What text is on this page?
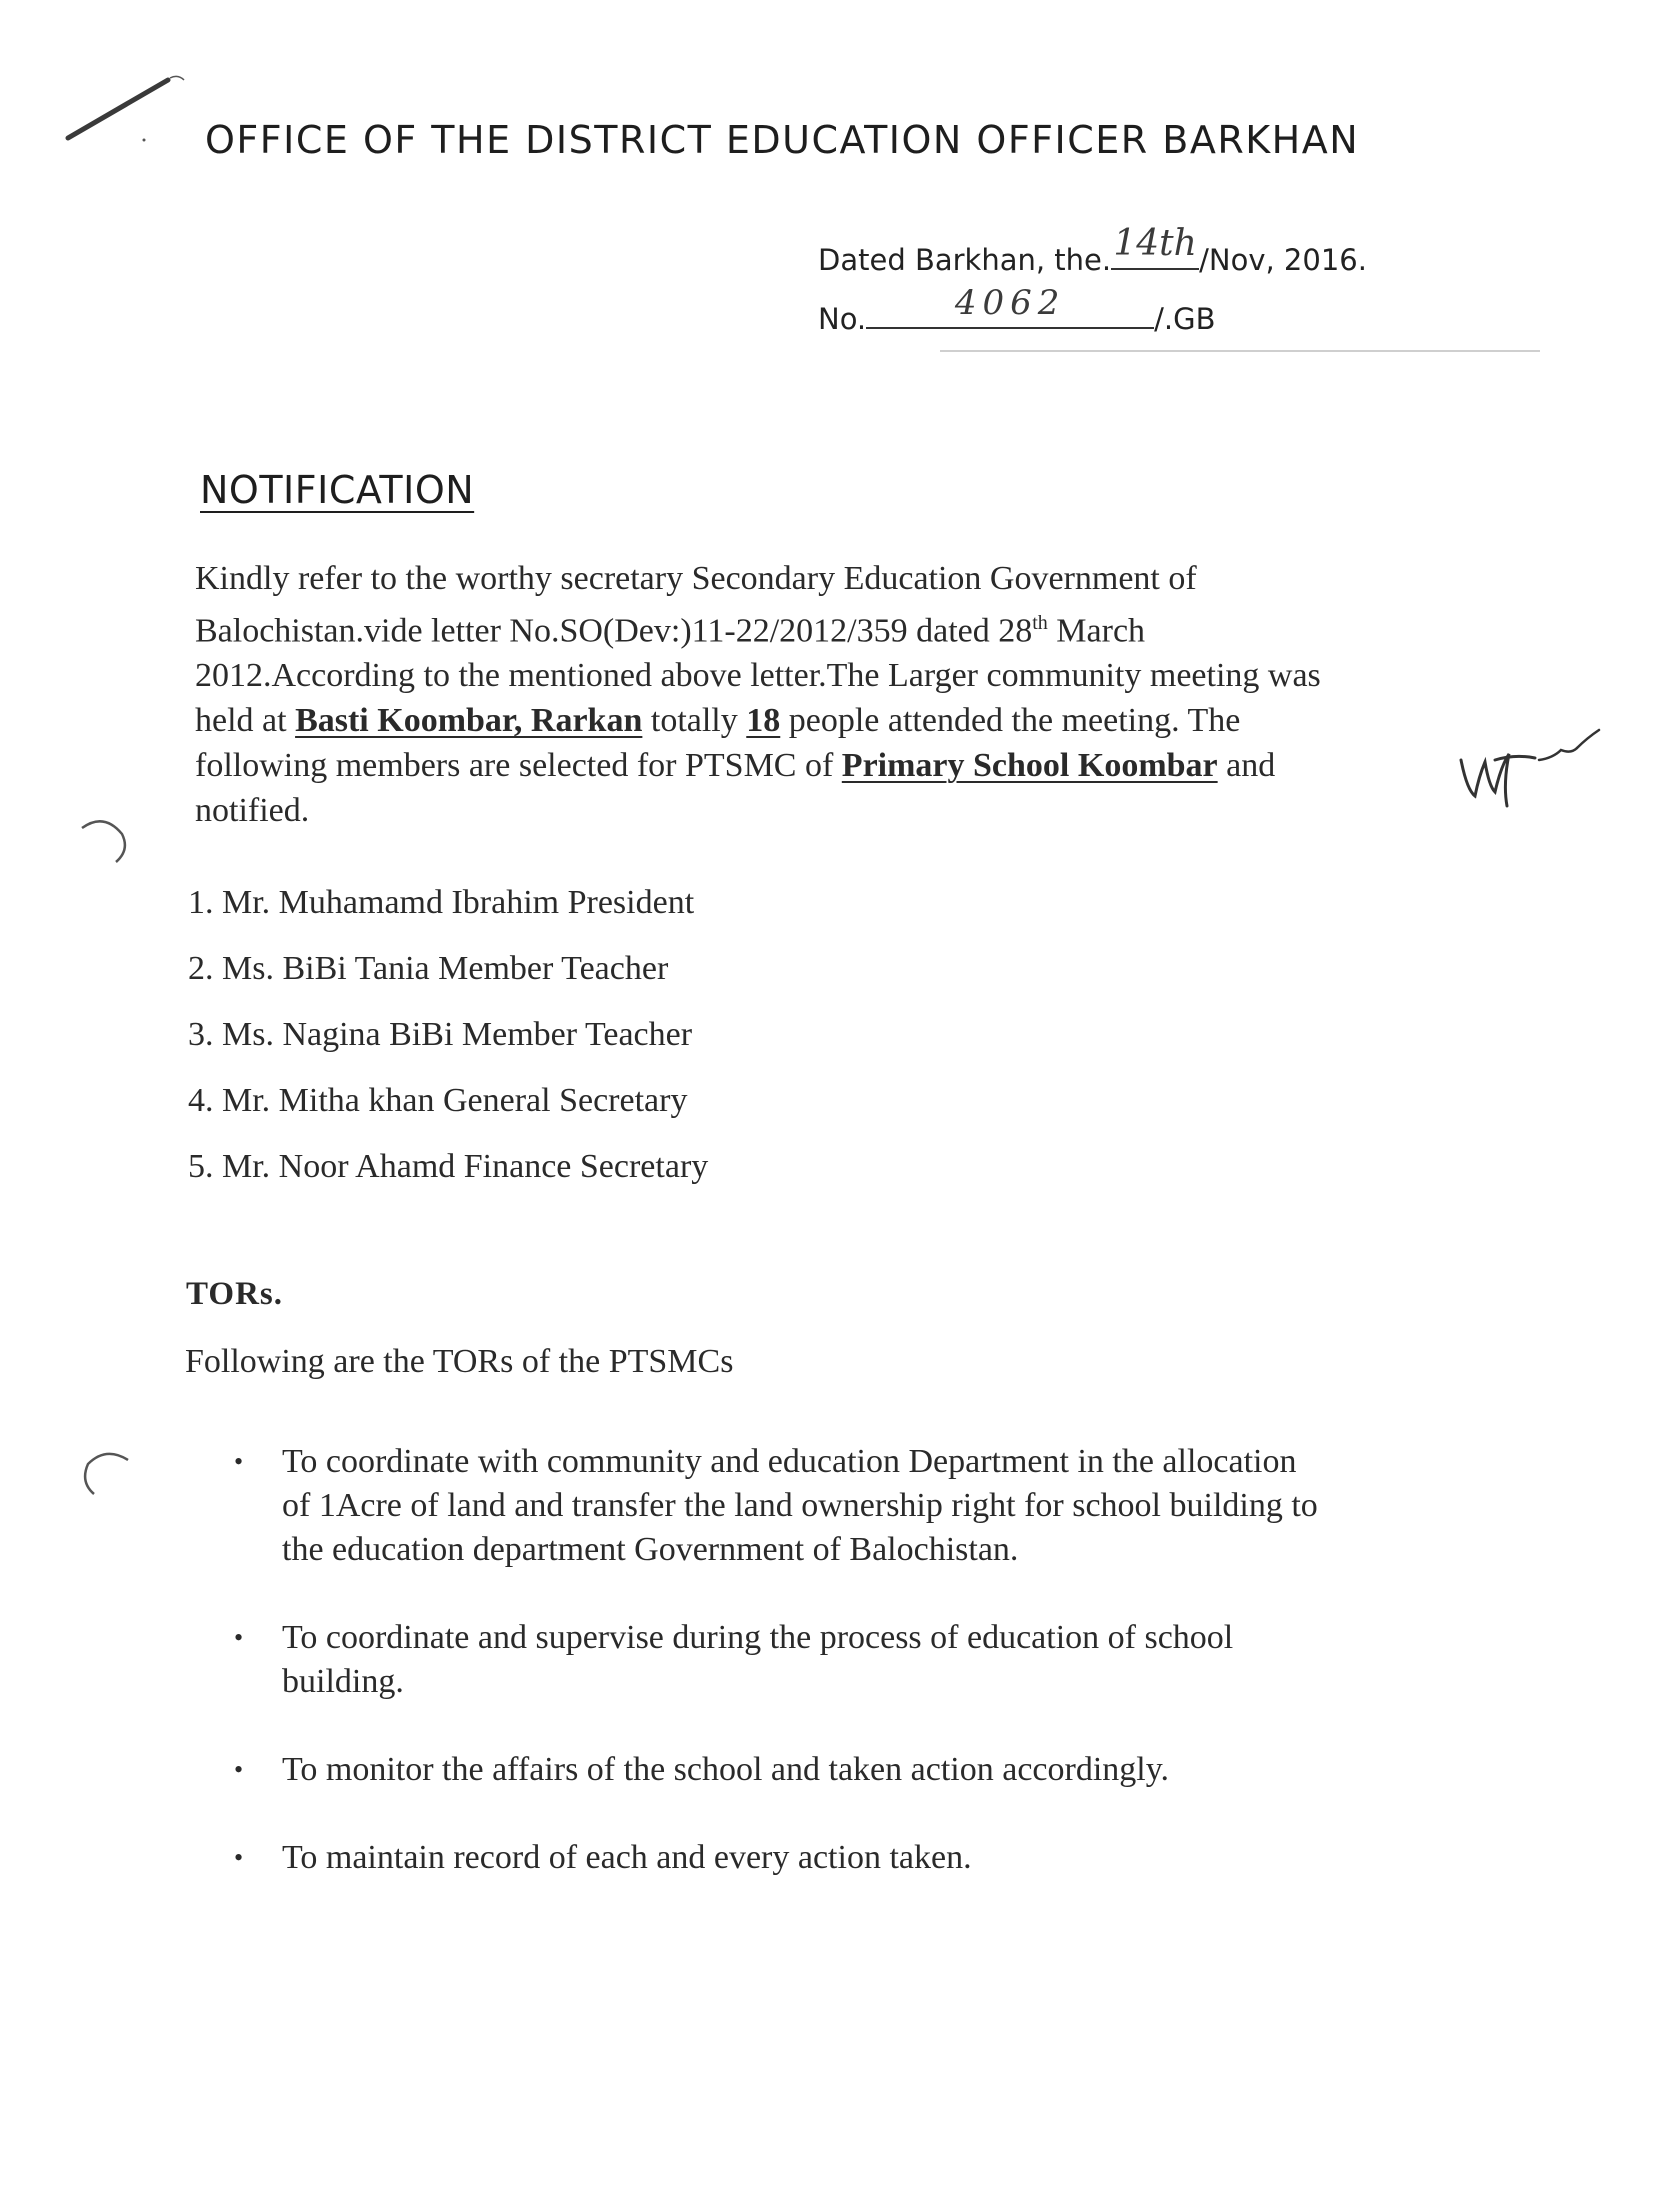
OFFICE OF THE DISTRICT EDUCATION OFFICER BARKHAN
Dated Barkhan, the. 14th /Nov, 2016.
No.	4062	/.GB
NOTIFICATION
Kindly refer to the worthy secretary Secondary Education Government of
Balochistan.vide letter No.SO(Dev:)11-22/2012/359 dated 28th March
2012.According to the mentioned above letter.The Larger community meeting was
held at Basti Koombar, Rarkan totally 18 people attended the meeting. The
following members are selected for PTSMC of Primary School Koombar and
notified.
1. Mr. Muhamamd Ibrahim President
2. Ms. BiBi Tania Member Teacher
3. Ms. Nagina BiBi Member Teacher
4. Mr. Mitha khan General Secretary
5. Mr. Noor Ahamd Finance Secretary
TORs.
Following are the TORs of the PTSMCs
• To coordinate with community and education Department in the allocation
of 1Acre of land and transfer the land ownership right for school building to
the education department Government of Balochistan.
• To coordinate and supervise during the process of education of school
building.
• To monitor the affairs of the school and taken action accordingly.
• To maintain record of each and every action taken.
